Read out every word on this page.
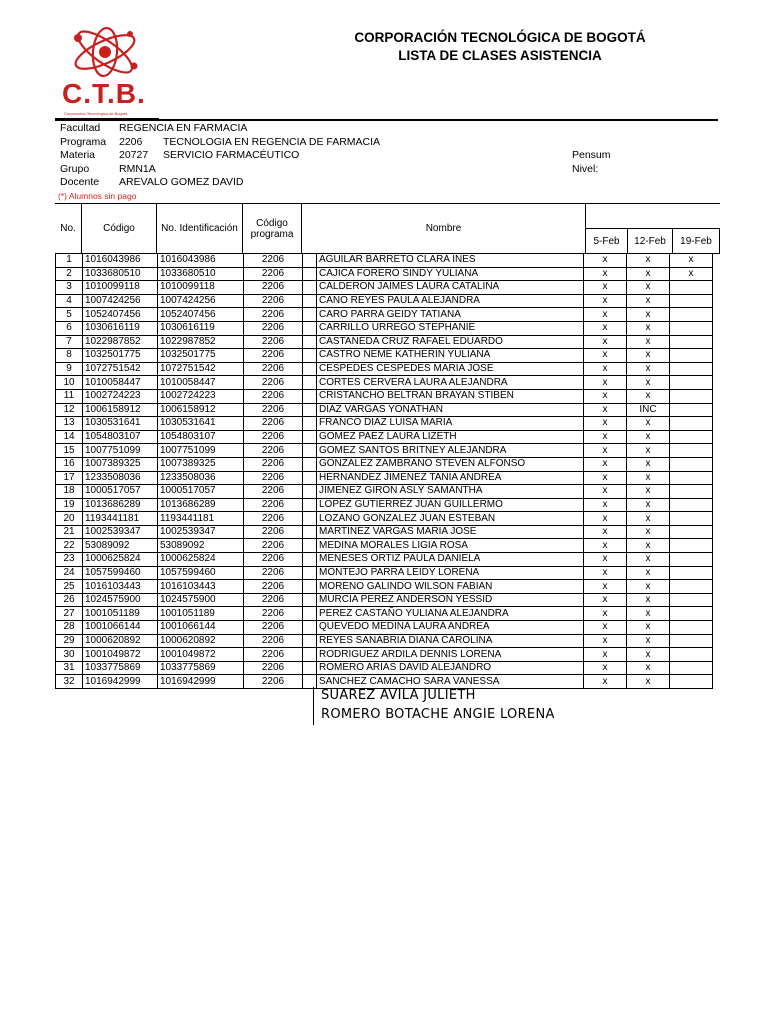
C.T.B.
Corporación Tecnológica de Bogotá
CORPORACIÓN TECNOLÓGICA DE BOGOTÁ
LISTA DE CLASES ASISTENCIA
Facultad REGENCIA EN FARMACIA
Programa 2206 TECNOLOGIA EN REGENCIA DE FARMACIA
Materia 20727 SERVICIO FARMACÉUTICO	Pensum
Grupo	RMN1A	Nivel:
Docente AREVALO GOMEZ DAVID
(*) Alumnos sin pago
No.	Código	No. Identificación	Código
programa	Nombre			
					5-Feb	12-Feb	19-Feb
1	1016043986	1016043986	2206		AGUILAR BARRETO CLARA INES	x	x	x
2	1033680510	1033680510	2206		CAJICA FORERO SINDY YULIANA	x	x	x
3	1010099118	1010099118	2206		CALDERON JAIMES LAURA CATALINA	x	x	
4	1007424256	1007424256	2206		CANO REYES PAULA ALEJANDRA	x	x	
5	1052407456	1052407456	2206		CARO PARRA GEIDY TATIANA	x	x	
6	1030616119	1030616119	2206		CARRILLO URREGO STEPHANIE	x	x	
7	1022987852	1022987852	2206		CASTAÑEDA CRUZ RAFAEL EDUARDO	x	x	
8	1032501775	1032501775	2206		CASTRO NEME KATHERIN YULIANA	x	x	
9	1072751542	1072751542	2206		CESPEDES CESPEDES MARIA JOSE	x	x	
10	1010058447	1010058447	2206		CORTES CERVERA LAURA ALEJANDRA	x	x	
11	1002724223	1002724223	2206		CRISTANCHO BELTRAN BRAYAN STIBEN	x	x	
12	1006158912	1006158912	2206		DIAZ VARGAS YONATHAN	x	INC	
13	1030531641	1030531641	2206		FRANCO DIAZ LUISA MARIA	x	x	
14	1054803107	1054803107	2206		GOMEZ PAEZ LAURA LIZETH	x	x	
15	1007751099	1007751099	2206		GOMEZ SANTOS BRITNEY ALEJANDRA	x	x	
16	1007389325	1007389325	2206		GONZALEZ ZAMBRANO STEVEN ALFONSO	x	x	
17	1233508036	1233508036	2206		HERNANDEZ JIMENEZ TANIA ANDREA	x	x	
18	1000517057	1000517057	2206		JIMENEZ GIRON ASLY SAMANTHA	x	x	
19	1013686289	1013686289	2206		LOPEZ GUTIERREZ JUAN GUILLERMO	x	x	
20	1193441181	1193441181	2206		LOZANO GONZALEZ JUAN ESTEBAN	x	x	
21	1002539347	1002539347	2206		MARTINEZ VARGAS MARIA JOSE	x	x	
22	53089092	53089092	2206		MEDINA MORALES LIGIA ROSA	x	x	
23	1000625824	1000625824	2206		MENESES ORTIZ PAULA DANIELA	x	x	
24	1057599460	1057599460	2206		MONTEJO PARRA LEIDY LORENA	x	x	
25	1016103443	1016103443	2206		MORENO GALINDO WILSON FABIAN	x	x	
26	1024575900	1024575900	2206		MURCIA PEREZ ANDERSON YESSID	x	x	
27	1001051189	1001051189	2206		PEREZ CASTAÑO YULIANA ALEJANDRA	x	x	
28	1001066144	1001066144	2206		QUEVEDO MEDINA LAURA ANDREA	x	x	
29	1000620892	1000620892	2206		REYES SANABRIA DIANA CAROLINA	x	x	
30	1001049872	1001049872	2206		RODRIGUEZ ARDILA DENNIS LORENA	x	x	
31	1033775869	1033775869	2206		ROMERO ARIAS DAVID ALEJANDRO	x	x	
32	1016942999	1016942999	2206		SANCHEZ CAMACHO SARA VANESSA	x	x	
SUAREZ AVILA JULIETH
ROMERO BOTACHE ANGIE LORENA
